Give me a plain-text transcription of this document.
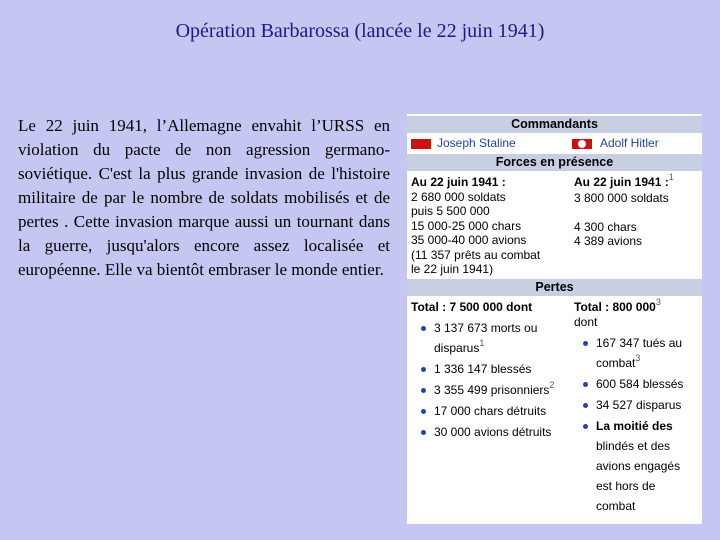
Opération Barbarossa (lancée le 22 juin 1941)
Le 22 juin 1941, l’Allemagne envahit l’URSS en violation du pacte de non agression germano-soviétique. C'est la plus grande invasion de l'histoire militaire de par le nombre de soldats mobilisés et de pertes . Cette invasion marque aussi un tournant dans la guerre, jusqu'alors encore assez localisée et européenne. Elle va bientôt embraser le monde entier.
Commandants
Joseph Staline	Adolf Hitler
Forces en présence
Au 22 juin 1941 :
2 680 000 soldats
puis 5 500 000
15 000-25 000 chars
35 000-40 000 avions
(11 357 prêts au combat
le 22 juin 1941)
Au 22 juin 1941 :$^1$
3 800 000 soldats
4 300 chars
4 389 avions
Pertes
Total : 7 500 000 dont	Total : 800 $000^3$
dont
3 137 673 morts ou
disparus$^1$
1 336 147 blessés
3 355 499 prisonniers$^2$
17 000 chars détruits
30 000 avions détruits
167 347 tués au
combat$^3$
600 584 blessés
34 527 disparus
La moitié des
blindés et des
avions engagés
est hors de
combat
